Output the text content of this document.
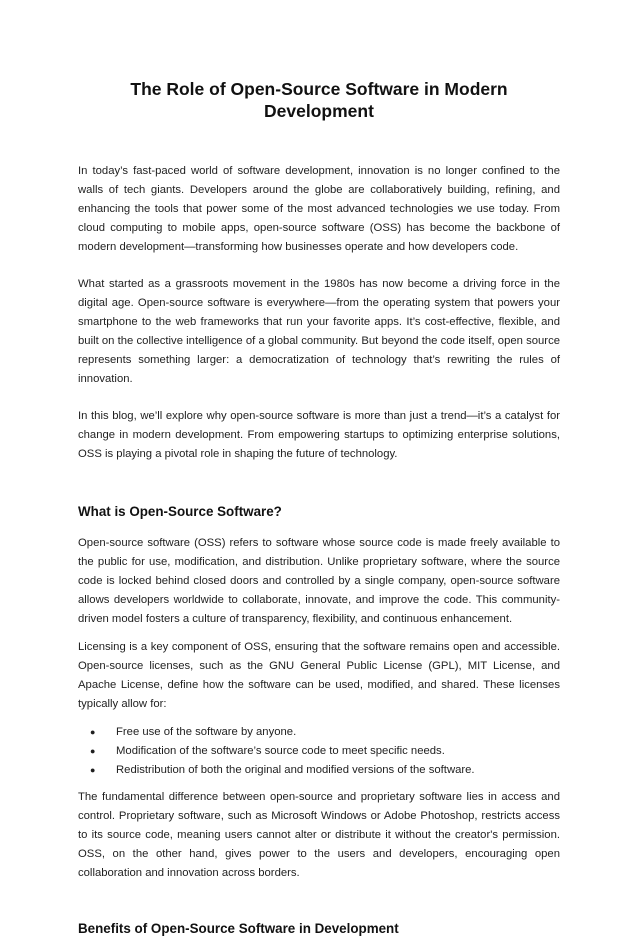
The Role of Open-Source Software in Modern Development

In today’s fast-paced world of software development, innovation is no longer confined to the walls of tech giants. Developers around the globe are collaboratively building, refining, and enhancing the tools that power some of the most advanced technologies we use today. From cloud computing to mobile apps, open-source software (OSS) has become the backbone of modern development—transforming how businesses operate and how developers code.

What started as a grassroots movement in the 1980s has now become a driving force in the digital age. Open-source software is everywhere—from the operating system that powers your smartphone to the web frameworks that run your favorite apps. It’s cost-effective, flexible, and built on the collective intelligence of a global community. But beyond the code itself, open source represents something larger: a democratization of technology that’s rewriting the rules of innovation.

In this blog, we’ll explore why open-source software is more than just a trend—it’s a catalyst for change in modern development. From empowering startups to optimizing enterprise solutions, OSS is playing a pivotal role in shaping the future of technology.

What is Open-Source Software?

Open-source software (OSS) refers to software whose source code is made freely available to the public for use, modification, and distribution. Unlike proprietary software, where the source code is locked behind closed doors and controlled by a single company, open-source software allows developers worldwide to collaborate, innovate, and improve the code. This community-driven model fosters a culture of transparency, flexibility, and continuous enhancement.

Licensing is a key component of OSS, ensuring that the software remains open and accessible. Open-source licenses, such as the GNU General Public License (GPL), MIT License, and Apache License, define how the software can be used, modified, and shared. These licenses typically allow for:

●	Free use of the software by anyone.
●	Modification of the software’s source code to meet specific needs.
●	Redistribution of both the original and modified versions of the software.

The fundamental difference between open-source and proprietary software lies in access and control. Proprietary software, such as Microsoft Windows or Adobe Photoshop, restricts access to its source code, meaning users cannot alter or distribute it without the creator's permission. OSS, on the other hand, gives power to the users and developers, encouraging open collaboration and innovation across borders.

Benefits of Open-Source Software in Development
